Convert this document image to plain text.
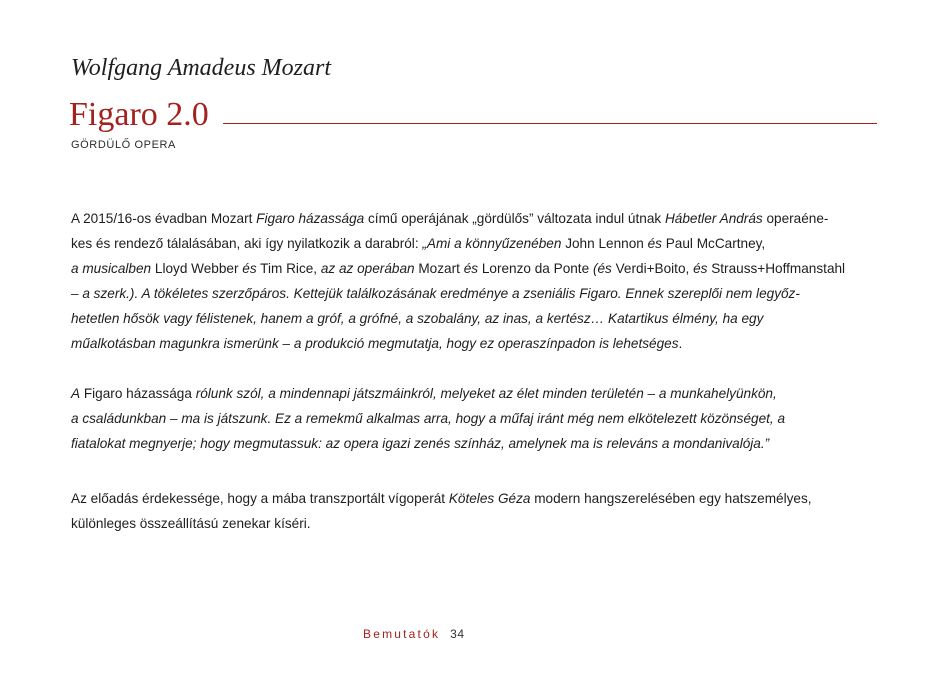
Wolfgang Amadeus Mozart
Figaro 2.0
GÖRDÜLŐ OPERA
A 2015/16-os évadban Mozart Figaro házassága című operájának „gördülős” változata indul útnak Hábetler András operaéne-
kes és rendező tálalásában, aki így nyilatkozik a darabról: „Ami a könnyűzenében John Lennon és Paul McCartney,
a musicalben Lloyd Webber és Tim Rice, az az operában Mozart és Lorenzo da Ponte (és Verdi+Boito, és Strauss+Hoffmanstahl
– a szerk.). A tökéletes szerzőpáros. Kettejük találkozásának eredménye a zseniális Figaro. Ennek szereplői nem legyőz-
hetetlen hősök vagy félistenek, hanem a gróf, a grófné, a szobalány, az inas, a kertész… Katartikus élmény, ha egy
műalkotásban magunkra ismerünk – a produkció megmutatja, hogy ez operaszínpadon is lehetséges.
A Figaro házassága rólunk szól, a mindennapi játszmáinkról, melyeket az élet minden területén – a munkahelyünkön,
a családunkban – ma is játszunk. Ez a remekmű alkalmas arra, hogy a műfaj iránt még nem elkötelezett közönséget, a
fiatalokat megnyerje; hogy megmutassuk: az opera igazi zenés színház, amelynek ma is releváns a mondanivalója.”
Az előadás érdekessége, hogy a mába transzportált vígoperát Köteles Géza modern hangszerelésében egy hatszemélyes,
különleges összeállítású zenekar kíséri.
Bemutatók 34
